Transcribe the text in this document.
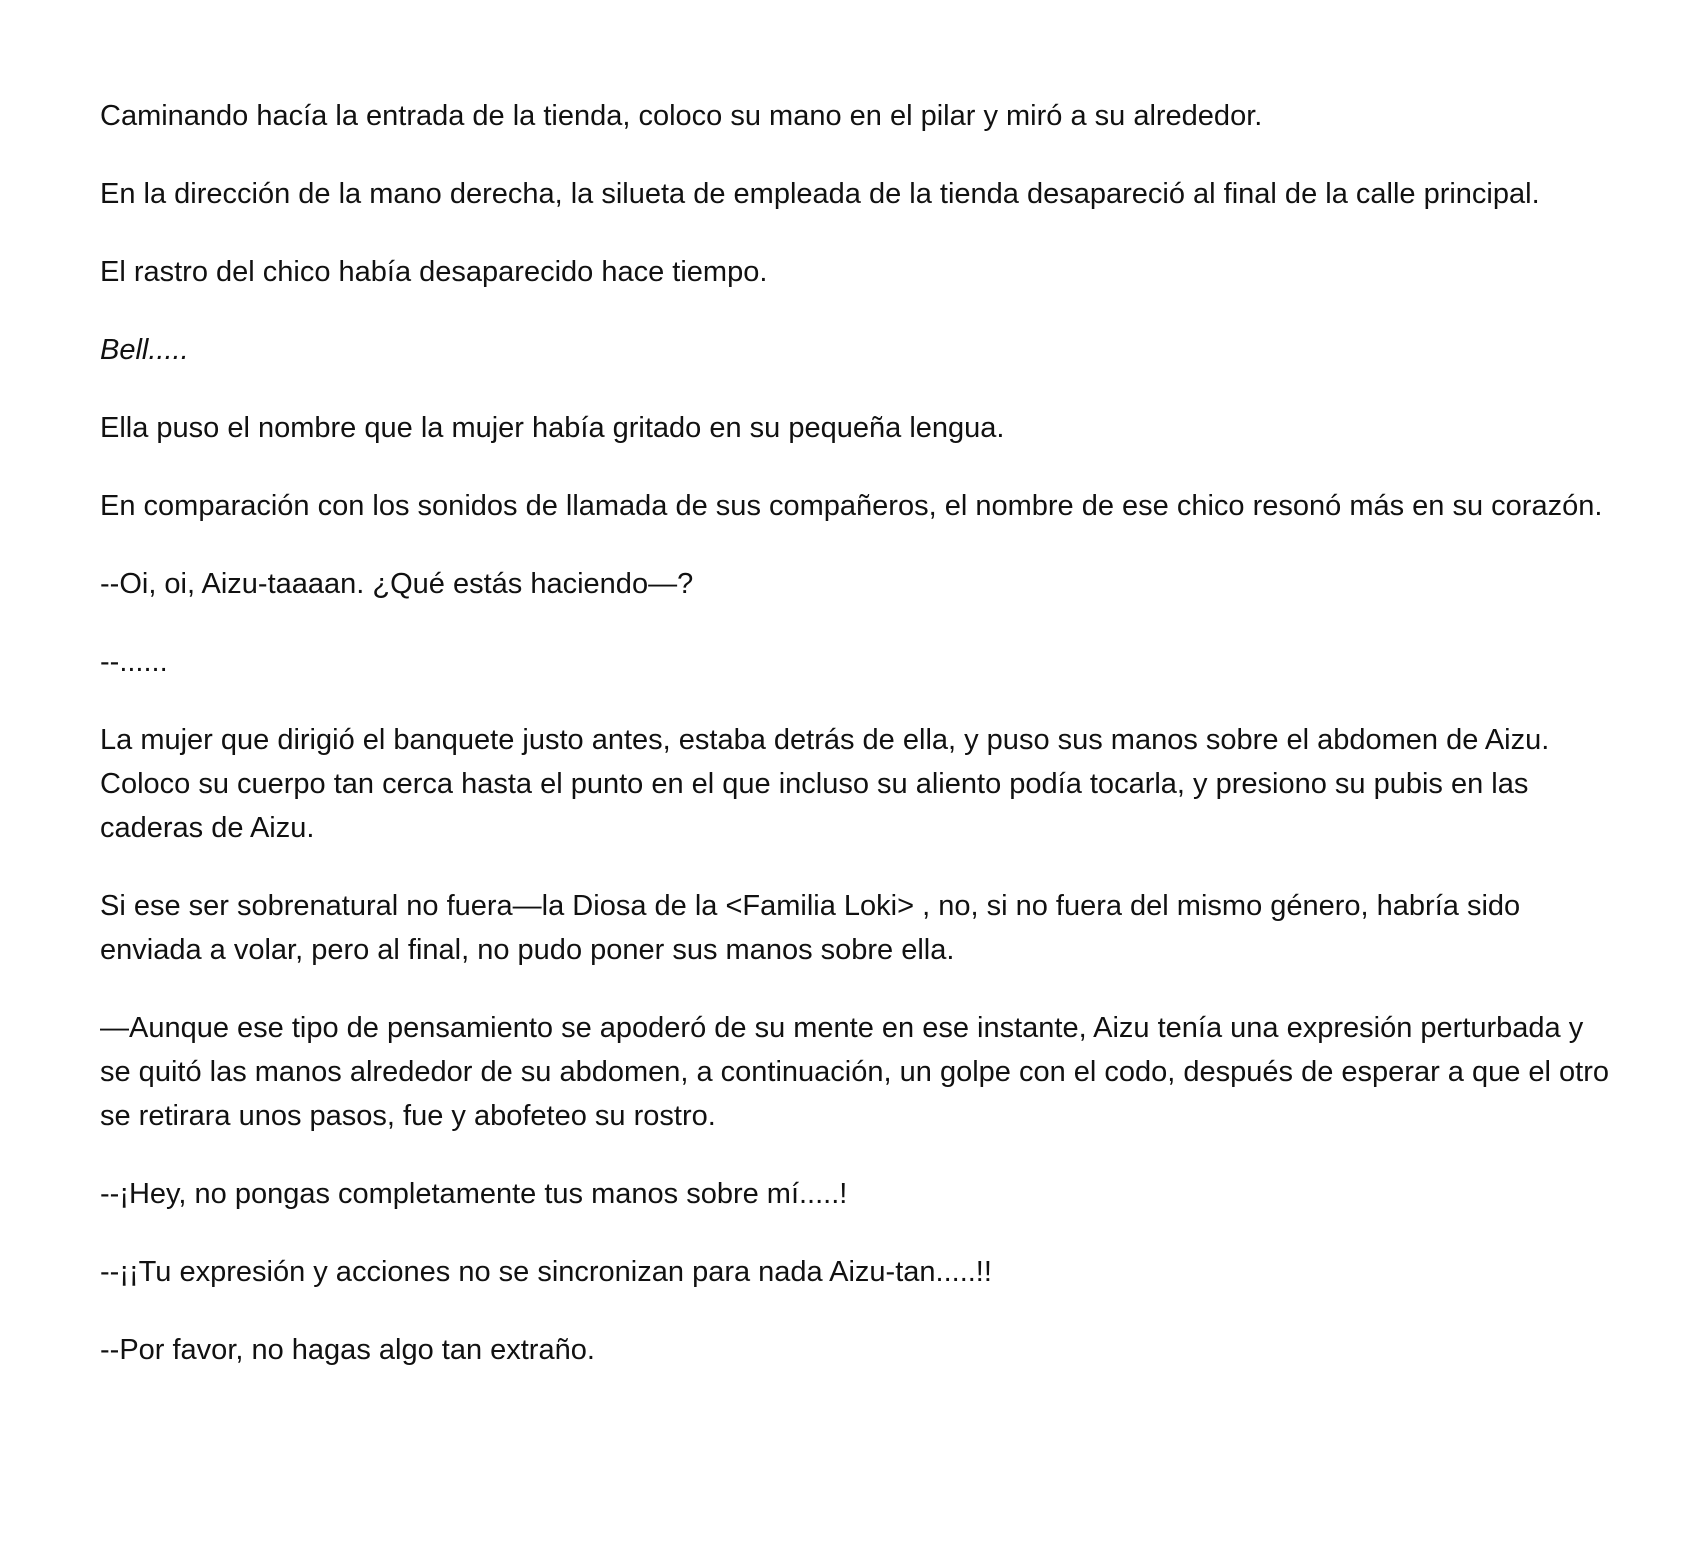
Caminando hacía la entrada de la tienda, coloco su mano en el pilar y miró a su alrededor.

En la dirección de la mano derecha, la silueta de empleada de la tienda desapareció al final de la calle principal.

El rastro del chico había desaparecido hace tiempo.

Bell.....

Ella puso el nombre que la mujer había gritado en su pequeña lengua.

En comparación con los sonidos de llamada de sus compañeros, el nombre de ese chico resonó más en su corazón.

--Oi, oi, Aizu-taaaan. ¿Qué estás haciendo—?

--......

La mujer que dirigió el banquete justo antes, estaba detrás de ella, y puso sus manos sobre el abdomen de Aizu. Coloco su cuerpo tan cerca hasta el punto en el que incluso su aliento podía tocarla, y presiono su pubis en las caderas de Aizu.

Si ese ser sobrenatural no fuera—la Diosa de la <Familia Loki> , no, si no fuera del mismo género, habría sido enviada a volar, pero al final, no pudo poner sus manos sobre ella.

—Aunque ese tipo de pensamiento se apoderó de su mente en ese instante, Aizu tenía una expresión perturbada y se quitó las manos alrededor de su abdomen, a continuación, un golpe con el codo, después de esperar a que el otro se retirara unos pasos, fue y abofeteo su rostro.

--¡Hey, no pongas completamente tus manos sobre mí.....!

--¡¡Tu expresión y acciones no se sincronizan para nada Aizu-tan.....!!

--Por favor, no hagas algo tan extraño.
